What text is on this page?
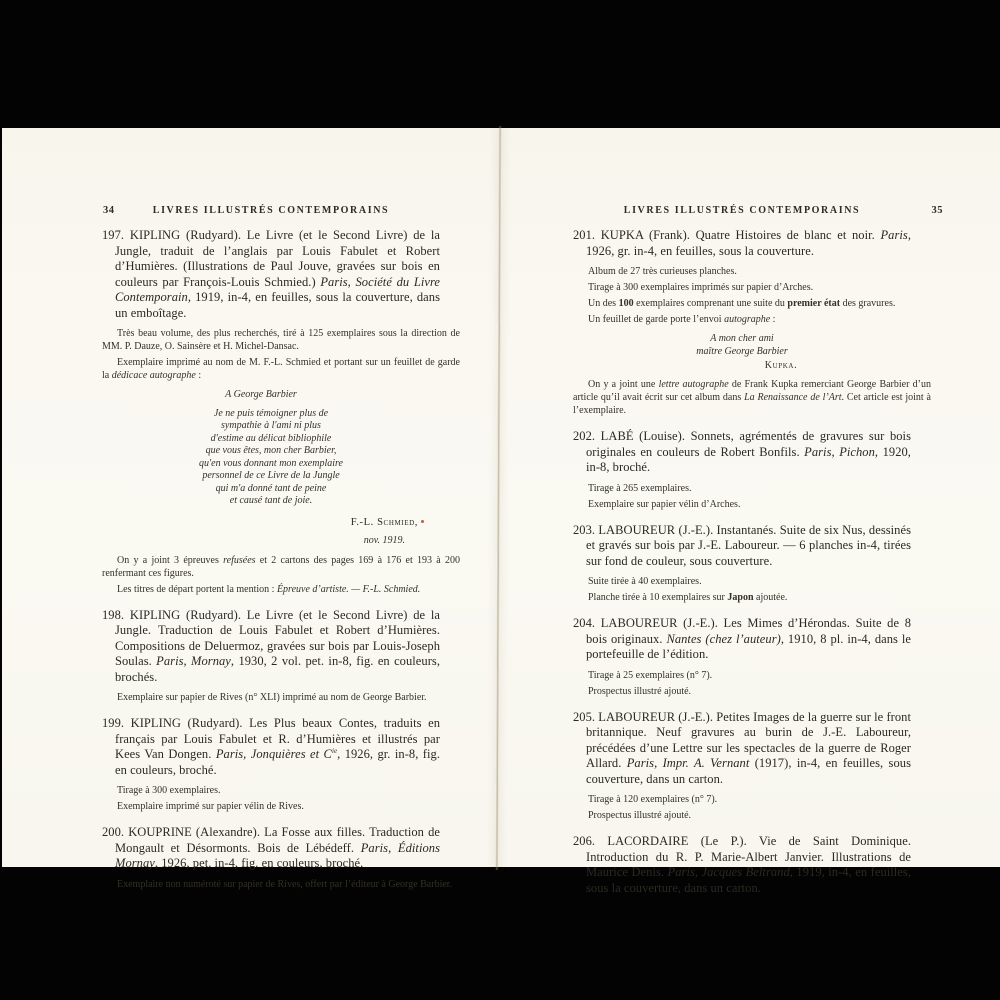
34	LIVRES ILLUSTRÉS CONTEMPORAINS

197. KIPLING (Rudyard). Le Livre (et le Second Livre) de la Jungle, traduit de l’anglais par Louis Fabulet et Robert d’Humières. (Illustrations de Paul Jouve, gravées sur bois en couleurs par François-Louis Schmied.) Paris, Société du Livre Contemporain, 1919, in-4, en feuilles, sous la couverture, dans un emboîtage.

Très beau volume, des plus recherchés, tiré à 125 exemplaires sous la direction de MM. P. Dauze, O. Sainsère et H. Michel-Dansac.

Exemplaire imprimé au nom de M. F.-L. Schmied et portant sur un feuillet de garde la dédicace autographe :

A George Barbier

Je ne puis témoigner plus de
sympathie à l'ami ni plus
d'estime au délicat bibliophile
que vous êtes, mon cher Barbier,
qu'en vous donnant mon exemplaire
personnel de ce Livre de la Jungle
qui m'a donné tant de peine
et causé tant de joie.

F.-L. Schmied,
nov. 1919.

On y a joint 3 épreuves refusées et 2 cartons des pages 169 à 176 et 193 à 200 renfermant ces figures.

Les titres de départ portent la mention : Épreuve d’artiste. — F.-L. Schmied.

198. KIPLING (Rudyard). Le Livre (et le Second Livre) de la Jungle. Traduction de Louis Fabulet et Robert d’Humières. Compositions de Deluermoz, gravées sur bois par Louis-Joseph Soulas. Paris, Mornay, 1930, 2 vol. pet. in-8, fig. en couleurs, brochés.

Exemplaire sur papier de Rives (n° XLI) imprimé au nom de George Barbier.

199. KIPLING (Rudyard). Les Plus beaux Contes, traduits en français par Louis Fabulet et R. d’Humières et illustrés par Kees Van Dongen. Paris, Jonquières et $C^{ie}$, 1926, gr. in-8, fig. en couleurs, broché.

Tirage à 300 exemplaires.

Exemplaire imprimé sur papier vélin de Rives.

200. KOUPRINE (Alexandre). La Fosse aux filles. Traduction de Mongault et Désormonts. Bois de Lébédeff. Paris, Éditions Mornay, 1926, pet. in-4, fig. en couleurs, broché.

Exemplaire non numéroté sur papier de Rives, offert par l’éditeur à George Barbier.

LIVRES ILLUSTRÉS CONTEMPORAINS	35

201. KUPKA (Frank). Quatre Histoires de blanc et noir. Paris, 1926, gr. in-4, en feuilles, sous la couverture.

Album de 27 très curieuses planches.

Tirage à 300 exemplaires imprimés sur papier d’Arches.

Un des 100 exemplaires comprenant une suite du premier état des gravures.

Un feuillet de garde porte l’envoi autographe :

A mon cher ami
maître George Barbier

Kupka.

On y a joint une lettre autographe de Frank Kupka remerciant George Barbier d’un article qu’il avait écrit sur cet album dans La Renaissance de l’Art. Cet article est joint à l’exemplaire.

202. LABÉ (Louise). Sonnets, agrémentés de gravures sur bois originales en couleurs de Robert Bonfils. Paris, Pichon, 1920, in-8, broché.

Tirage à 265 exemplaires.

Exemplaire sur papier vélin d’Arches.

203. LABOUREUR (J.-E.). Instantanés. Suite de six Nus, dessinés et gravés sur bois par J.-E. Laboureur. — 6 planches in-4, tirées sur fond de couleur, sous couverture.

Suite tirée à 40 exemplaires.

Planche tirée à 10 exemplaires sur Japon ajoutée.

204. LABOUREUR (J.-E.). Les Mimes d’Hérondas. Suite de 8 bois originaux. Nantes (chez l’auteur), 1910, 8 pl. in-4, dans le portefeuille de l’édition.

Tirage à 25 exemplaires (n° 7).

Prospectus illustré ajouté.

205. LABOUREUR (J.-E.). Petites Images de la guerre sur le front britannique. Neuf gravures au burin de J.-E. Laboureur, précédées d’une Lettre sur les spectacles de la guerre de Roger Allard. Paris, Impr. A. Vernant (1917), in-4, en feuilles, sous couverture, dans un carton.

Tirage à 120 exemplaires (n° 7).

Prospectus illustré ajouté.

206. LACORDAIRE (Le P.). Vie de Saint Dominique. Introduction du R. P. Marie-Albert Janvier. Illustrations de Maurice Denis. Paris, Jacques Beltrand, 1919, in-4, en feuilles, sous la couverture, dans un carton.
